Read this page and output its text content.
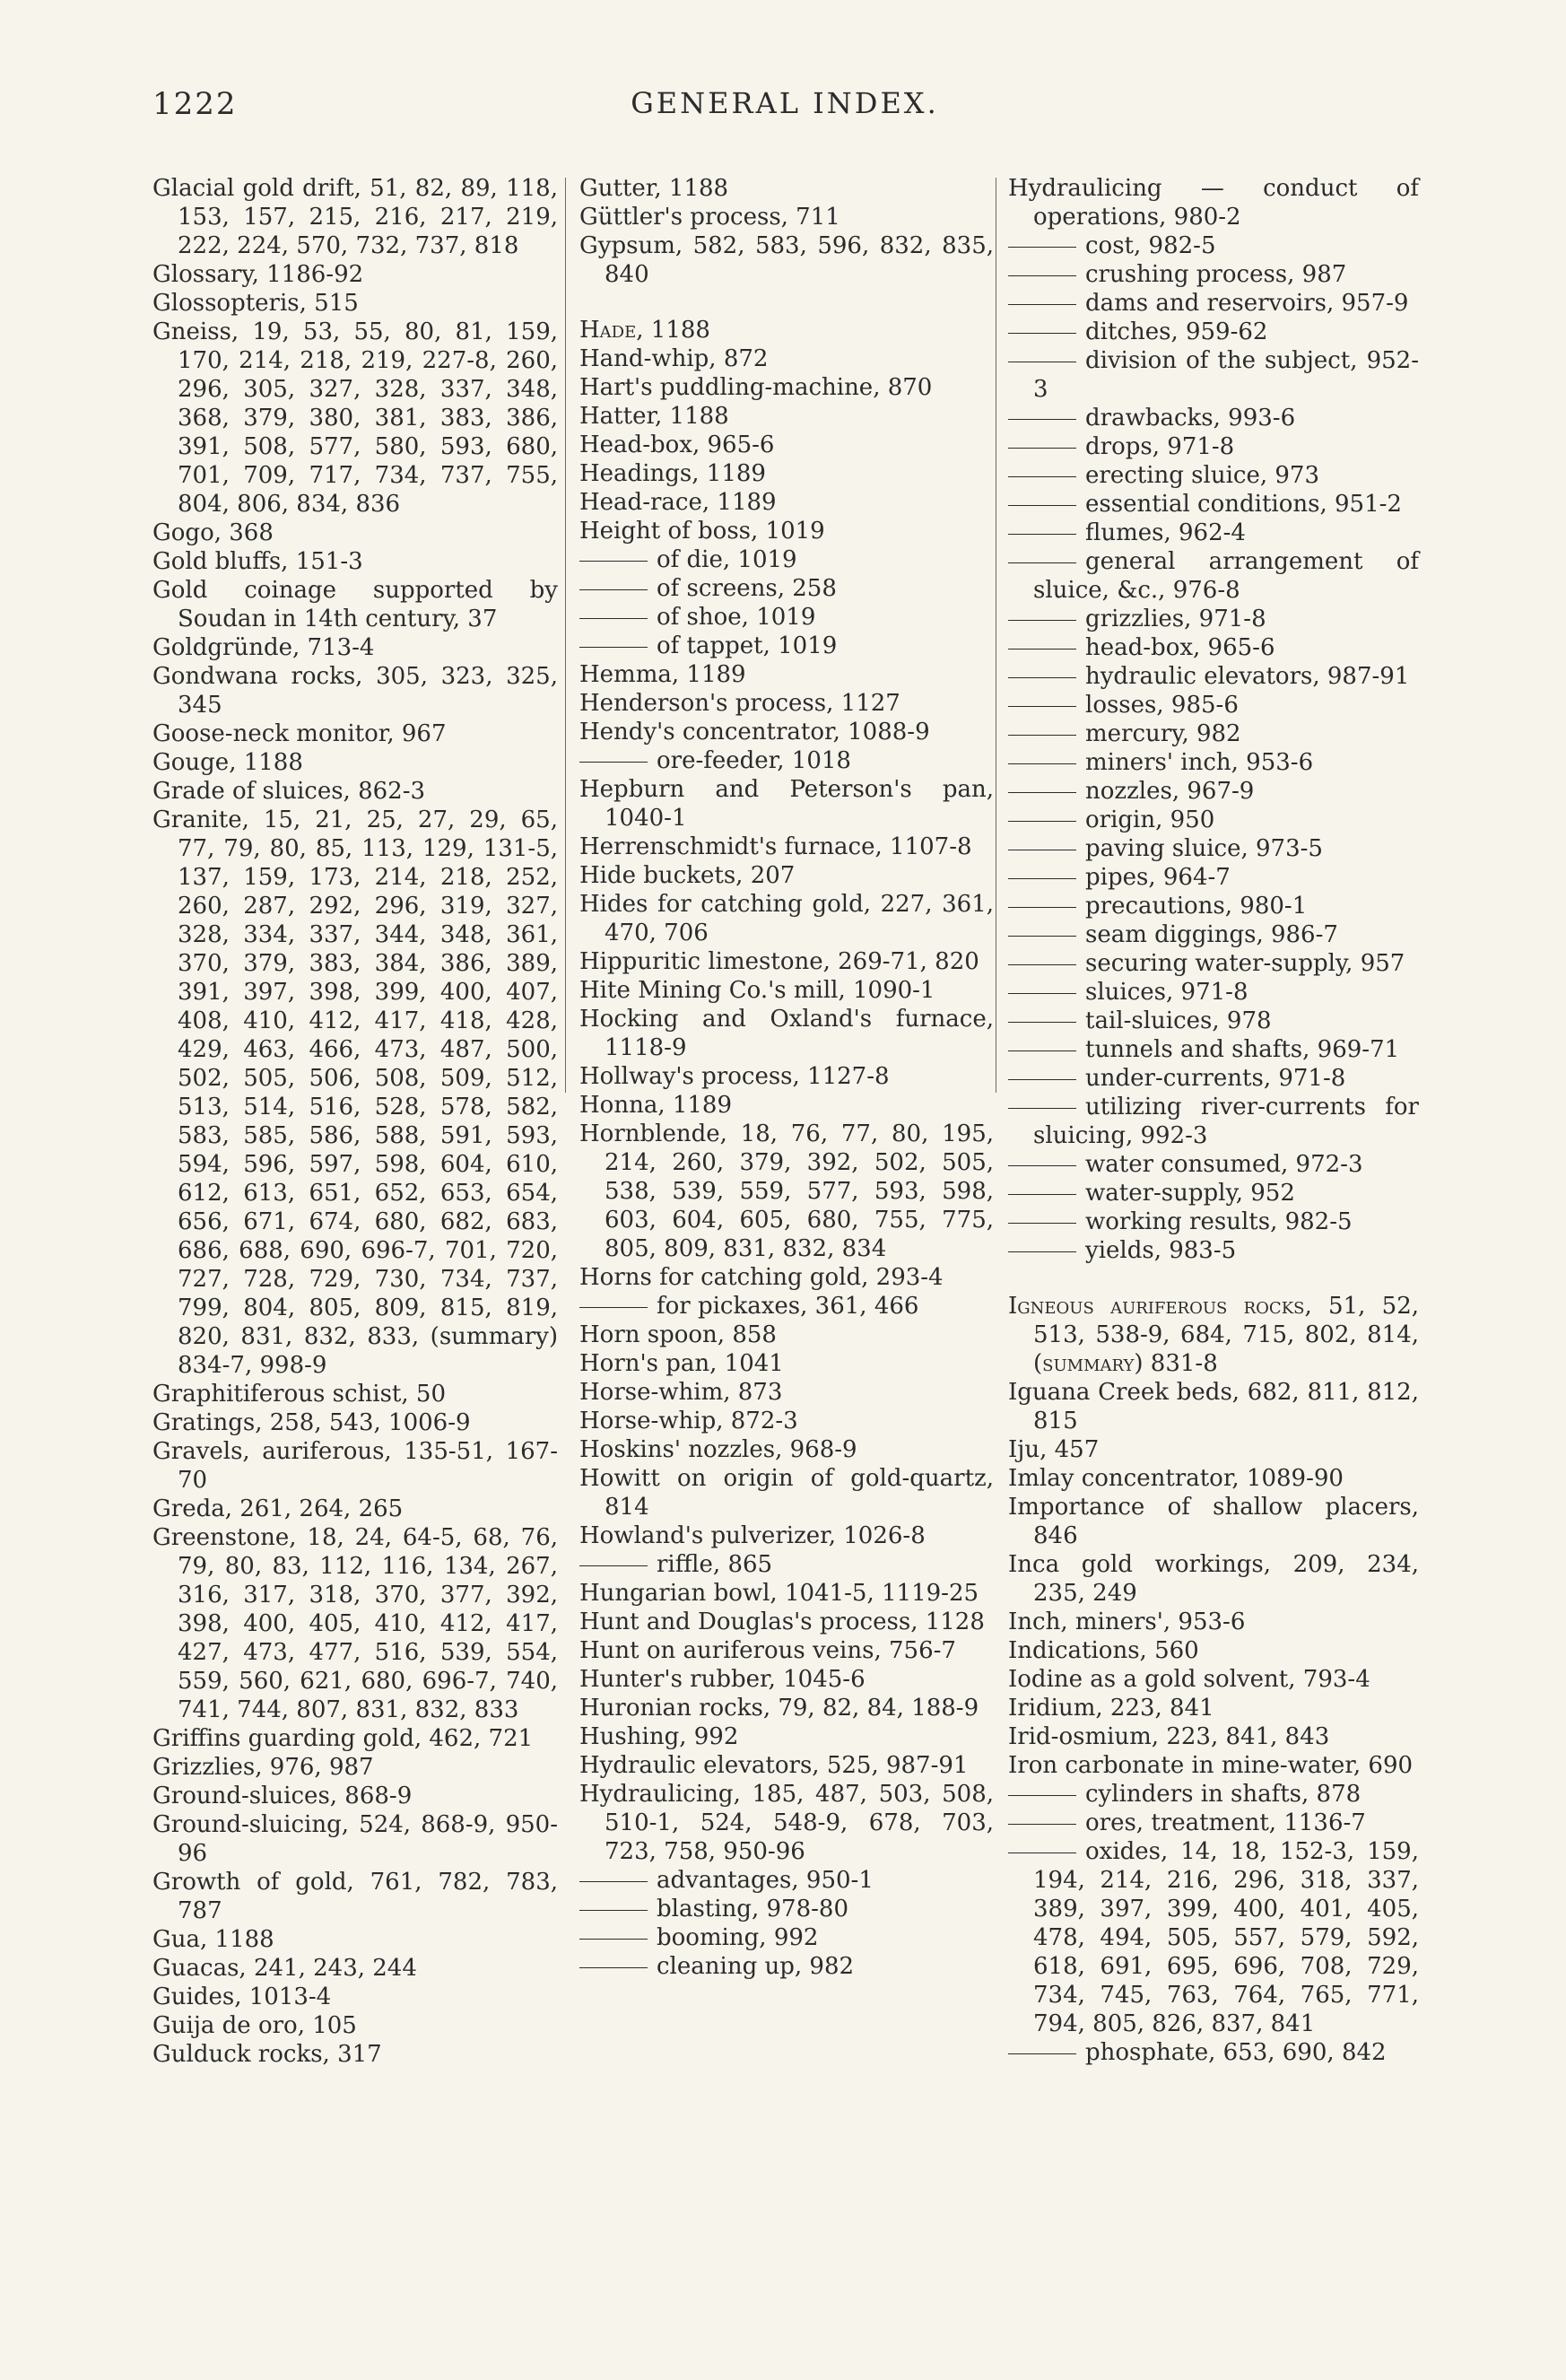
1222	GENERAL INDEX.
Glacial gold drift, 51, 82, 89, 118, 153, 157, 215, 216, 217, 219, 222, 224, 570, 732, 737, 818
Glossary, 1186-92
Glossopteris, 515
Gneiss, 19, 53, 55, 80, 81, 159, 170, 214, 218, 219, 227-8, 260, 296, 305, 327, 328, 337, 348, 368, 379, 380, 381, 383, 386, 391, 508, 577, 580, 593, 680, 701, 709, 717, 734, 737, 755, 804, 806, 834, 836
Gogo, 368
Gold bluffs, 151-3
Gold coinage supported by Soudan in 14th century, 37
Goldgründe, 713-4
Gondwana rocks, 305, 323, 325, 345
Goose-neck monitor, 967
Gouge, 1188
Grade of sluices, 862-3
Granite, 15, 21, 25, 27, 29, 65, 77, 79, 80, 85, 113, 129, 131-5, 137, 159, 173, 214, 218, 252, 260, 287, 292, 296, 319, 327, 328, 334, 337, 344, 348, 361, 370, 379, 383, 384, 386, 389, 391, 397, 398, 399, 400, 407, 408, 410, 412, 417, 418, 428, 429, 463, 466, 473, 487, 500, 502, 505, 506, 508, 509, 512, 513, 514, 516, 528, 578, 582, 583, 585, 586, 588, 591, 593, 594, 596, 597, 598, 604, 610, 612, 613, 651, 652, 653, 654, 656, 671, 674, 680, 682, 683, 686, 688, 690, 696-7, 701, 720, 727, 728, 729, 730, 734, 737, 799, 804, 805, 809, 815, 819, 820, 831, 832, 833, (summary) 834-7, 998-9
Graphitiferous schist, 50
Gratings, 258, 543, 1006-9
Gravels, auriferous, 135-51, 167-70
Greda, 261, 264, 265
Greenstone, 18, 24, 64-5, 68, 76, 79, 80, 83, 112, 116, 134, 267, 316, 317, 318, 370, 377, 392, 398, 400, 405, 410, 412, 417, 427, 473, 477, 516, 539, 554, 559, 560, 621, 680, 696-7, 740, 741, 744, 807, 831, 832, 833
Griffins guarding gold, 462, 721
Grizzlies, 976, 987
Ground-sluices, 868-9
Ground-sluicing, 524, 868-9, 950-96
Growth of gold, 761, 782, 783, 787
Gua, 1188
Guacas, 241, 243, 244
Guides, 1013-4
Guija de oro, 105
Gulduck rocks, 317
Gutter, 1188
Güttler's process, 711
Gypsum, 582, 583, 596, 832, 835, 840
Hade, 1188
Hand-whip, 872
Hart's puddling-machine, 870
Hatter, 1188
Head-box, 965-6
Headings, 1189
Head-race, 1189
Height of boss, 1019
of die, 1019
of screens, 258
of shoe, 1019
of tappet, 1019
Hemma, 1189
Henderson's process, 1127
Hendy's concentrator, 1088-9
ore-feeder, 1018
Hepburn and Peterson's pan, 1040-1
Herrenschmidt's furnace, 1107-8
Hide buckets, 207
Hides for catching gold, 227, 361, 470, 706
Hippuritic limestone, 269-71, 820
Hite Mining Co.'s mill, 1090-1
Hocking and Oxland's furnace, 1118-9
Hollway's process, 1127-8
Honna, 1189
Hornblende, 18, 76, 77, 80, 195, 214, 260, 379, 392, 502, 505, 538, 539, 559, 577, 593, 598, 603, 604, 605, 680, 755, 775, 805, 809, 831, 832, 834
Horns for catching gold, 293-4
for pickaxes, 361, 466
Horn spoon, 858
Horn's pan, 1041
Horse-whim, 873
Horse-whip, 872-3
Hoskins' nozzles, 968-9
Howitt on origin of gold-quartz, 814
Howland's pulverizer, 1026-8
riffle, 865
Hungarian bowl, 1041-5, 1119-25
Hunt and Douglas's process, 1128
Hunt on auriferous veins, 756-7
Hunter's rubber, 1045-6
Huronian rocks, 79, 82, 84, 188-9
Hushing, 992
Hydraulic elevators, 525, 987-91
Hydraulicing, 185, 487, 503, 508, 510-1, 524, 548-9, 678, 703, 723, 758, 950-96
advantages, 950-1
blasting, 978-80
booming, 992
cleaning up, 982
Hydraulicing — conduct of operations, 980-2
cost, 982-5
crushing process, 987
dams and reservoirs, 957-9
ditches, 959-62
division of the subject, 952-3
drawbacks, 993-6
drops, 971-8
erecting sluice, 973
essential conditions, 951-2
flumes, 962-4
general arrangement of sluice, &c., 976-8
grizzlies, 971-8
head-box, 965-6
hydraulic elevators, 987-91
losses, 985-6
mercury, 982
miners' inch, 953-6
nozzles, 967-9
origin, 950
paving sluice, 973-5
pipes, 964-7
precautions, 980-1
seam diggings, 986-7
securing water-supply, 957
sluices, 971-8
tail-sluices, 978
tunnels and shafts, 969-71
under-currents, 971-8
utilizing river-currents for sluicing, 992-3
water consumed, 972-3
water-supply, 952
working results, 982-5
yields, 983-5
Igneous auriferous rocks, 51, 52, 513, 538-9, 684, 715, 802, 814, (summary) 831-8
Iguana Creek beds, 682, 811, 812, 815
Iju, 457
Imlay concentrator, 1089-90
Importance of shallow placers, 846
Inca gold workings, 209, 234, 235, 249
Inch, miners', 953-6
Indications, 560
Iodine as a gold solvent, 793-4
Iridium, 223, 841
Irid-osmium, 223, 841, 843
Iron carbonate in mine-water, 690
cylinders in shafts, 878
ores, treatment, 1136-7
oxides, 14, 18, 152-3, 159, 194, 214, 216, 296, 318, 337, 389, 397, 399, 400, 401, 405, 478, 494, 505, 557, 579, 592, 618, 691, 695, 696, 708, 729, 734, 745, 763, 764, 765, 771, 794, 805, 826, 837, 841
phosphate, 653, 690, 842
